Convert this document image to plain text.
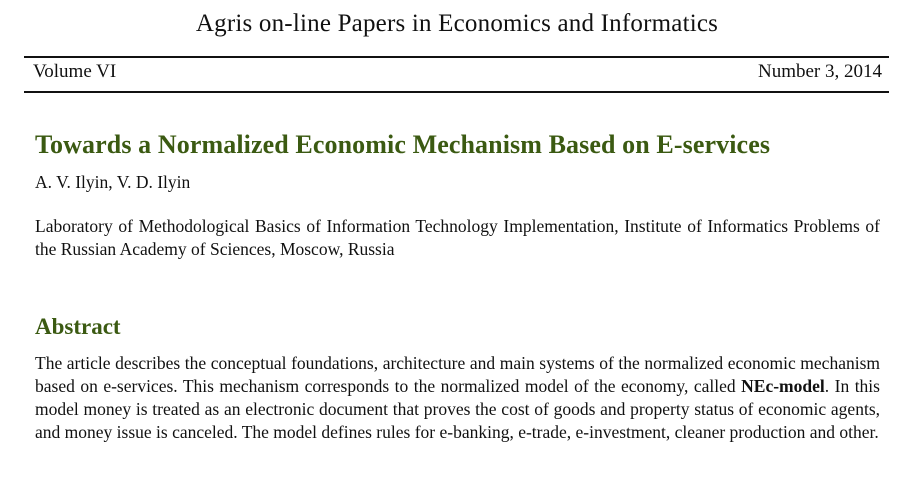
Agris on-line Papers in Economics and Informatics
Volume VI	Number 3, 2014
Towards a Normalized Economic Mechanism Based on E-services
A. V. Ilyin, V. D. Ilyin
Laboratory of Methodological Basics of Information Technology Implementation, Institute of Informatics Problems of the Russian Academy of Sciences, Moscow, Russia
Abstract
The article describes the conceptual foundations, architecture and main systems of the normalized economic mechanism based on e-services. This mechanism corresponds to the normalized model of the economy, called NEc-model. In this model money is treated as an electronic document that proves the cost of goods and property status of economic agents, and money issue is canceled. The model defines rules for e-banking, e-trade, e-investment, cleaner production and other.
